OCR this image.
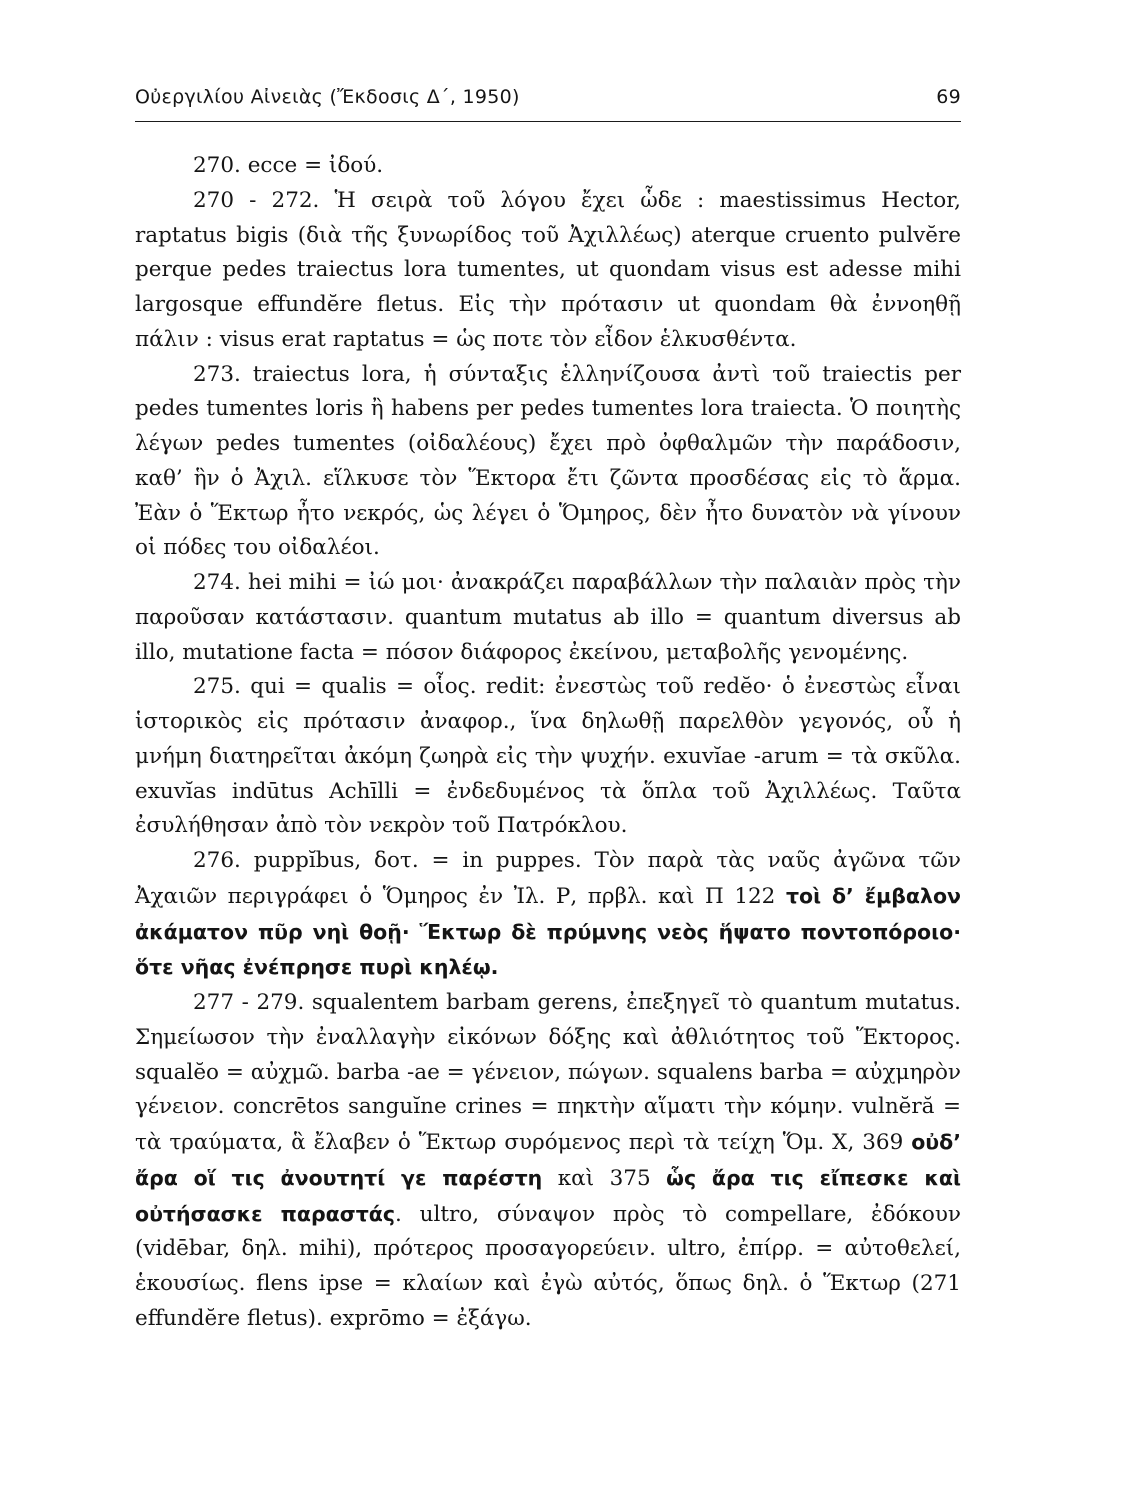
Οὐεργιλίου Αἰνειὰς (Ἔκδοσις Δ΄, 1950)	69

270. ecce = ἰδού.

270 - 272. Ἡ σειρὰ τοῦ λόγου ἔχει ὧδε : maestissimus Hector, raptatus bigis (διὰ τῆς ξυνωρίδος τοῦ Ἀχιλλέως) aterque cruento pulvĕre perque pedes traiectus lora tumentes, ut quondam visus est adesse mihi largosque effundĕre fletus. Εἰς τὴν πρότασιν ut quondam θὰ ἐννοηθῇ πάλιν : visus erat raptatus = ὡς ποτε τὸν εἶδον ἑλκυσθέντα.

273. traiectus lora, ἡ σύνταξις ἑλληνίζουσα ἀντὶ τοῦ traiectis per pedes tumentes loris ἢ habens per pedes tumentes lora traiecta. Ὁ ποιητὴς λέγων pedes tumentes (οἰδαλέους) ἔχει πρὸ ὀφθαλμῶν τὴν παράδοσιν, καθ’ ἣν ὁ Ἀχιλ. εἵλκυσε τὸν Ἕκτορα ἔτι ζῶντα προσδέσας εἰς τὸ ἅρμα. Ἐὰν ὁ Ἕκτωρ ἦτο νεκρός, ὡς λέγει ὁ Ὅμηρος, δὲν ἦτο δυνατὸν νὰ γίνουν οἱ πόδες του οἰδαλέοι.

274. hei mihi = ἰώ μοι· ἀνακράζει παραβάλλων τὴν παλαιὰν πρὸς τὴν παροῦσαν κατάστασιν. quantum mutatus ab illo = quantum diversus ab illo, mutatione facta = πόσον διάφορος ἐκείνου, μεταβολῆς γενομένης.

275. qui = qualis = οἷος. redit: ἐνεστὼς τοῦ redĕo· ὁ ἐνεστὼς εἶναι ἱστορικὸς εἰς πρότασιν ἀναφορ., ἵνα δηλωθῇ παρελθὸν γεγονός, οὗ ἡ μνήμη διατηρεῖται ἀκόμη ζωηρὰ εἰς τὴν ψυχήν. exuvĭae -arum = τὰ σκῦλα. exuvĭas indūtus Achīlli = ἐνδεδυμένος τὰ ὅπλα τοῦ Ἀχιλλέως. Ταῦτα ἐσυλήθησαν ἀπὸ τὸν νεκρὸν τοῦ Πατρόκλου.

276. puppĭbus, δοτ. = in puppes. Τὸν παρὰ τὰς ναῦς ἀγῶνα τῶν Ἀχαιῶν περιγράφει ὁ Ὅμηρος ἐν Ἰλ. Ρ, πρβλ. καὶ Π 122 τοὶ δ’ ἔμβαλον ἀκάματον πῦρ νηὶ θοῇ· Ἕκτωρ δὲ πρύμνης νεὸς ἥψατο ποντοπόροιο· ὅτε νῆας ἐνέπρησε πυρὶ κηλέῳ.

277 - 279. squalentem barbam gerens, ἐπεξηγεῖ τὸ quantum mutatus. Σημείωσον τὴν ἐναλλαγὴν εἰκόνων δόξης καὶ ἀθλιότητος τοῦ Ἕκτορος. squalĕo = αὐχμῶ. barba -ae = γένειον, πώγων. squalens barba = αὐχμηρὸν γένειον. concrētos sanguĭne crines = πηκτὴν αἵματι τὴν κόμην. vulnĕră = τὰ τραύματα, ἃ ἔλαβεν ὁ Ἕκτωρ συρόμενος περὶ τὰ τείχη Ὅμ. Χ, 369 οὐδ’ ἄρα οἵ τις ἀνουτητί γε παρέστη καὶ 375 ὧς ἄρα τις εἴπεσκε καὶ οὐτήσασκε παραστάς. ultro, σύναψον πρὸς τὸ compellare, ἐδόκουν (vidēbar, δηλ. mihi), πρότερος προσαγορεύειν. ultro, ἐπίρρ. = αὐτοθελεί, ἑκουσίως. flens ipse = κλαίων καὶ ἐγὼ αὐτός, ὅπως δηλ. ὁ Ἕκτωρ (271 effundĕre fletus). exprōmo = ἐξάγω.
